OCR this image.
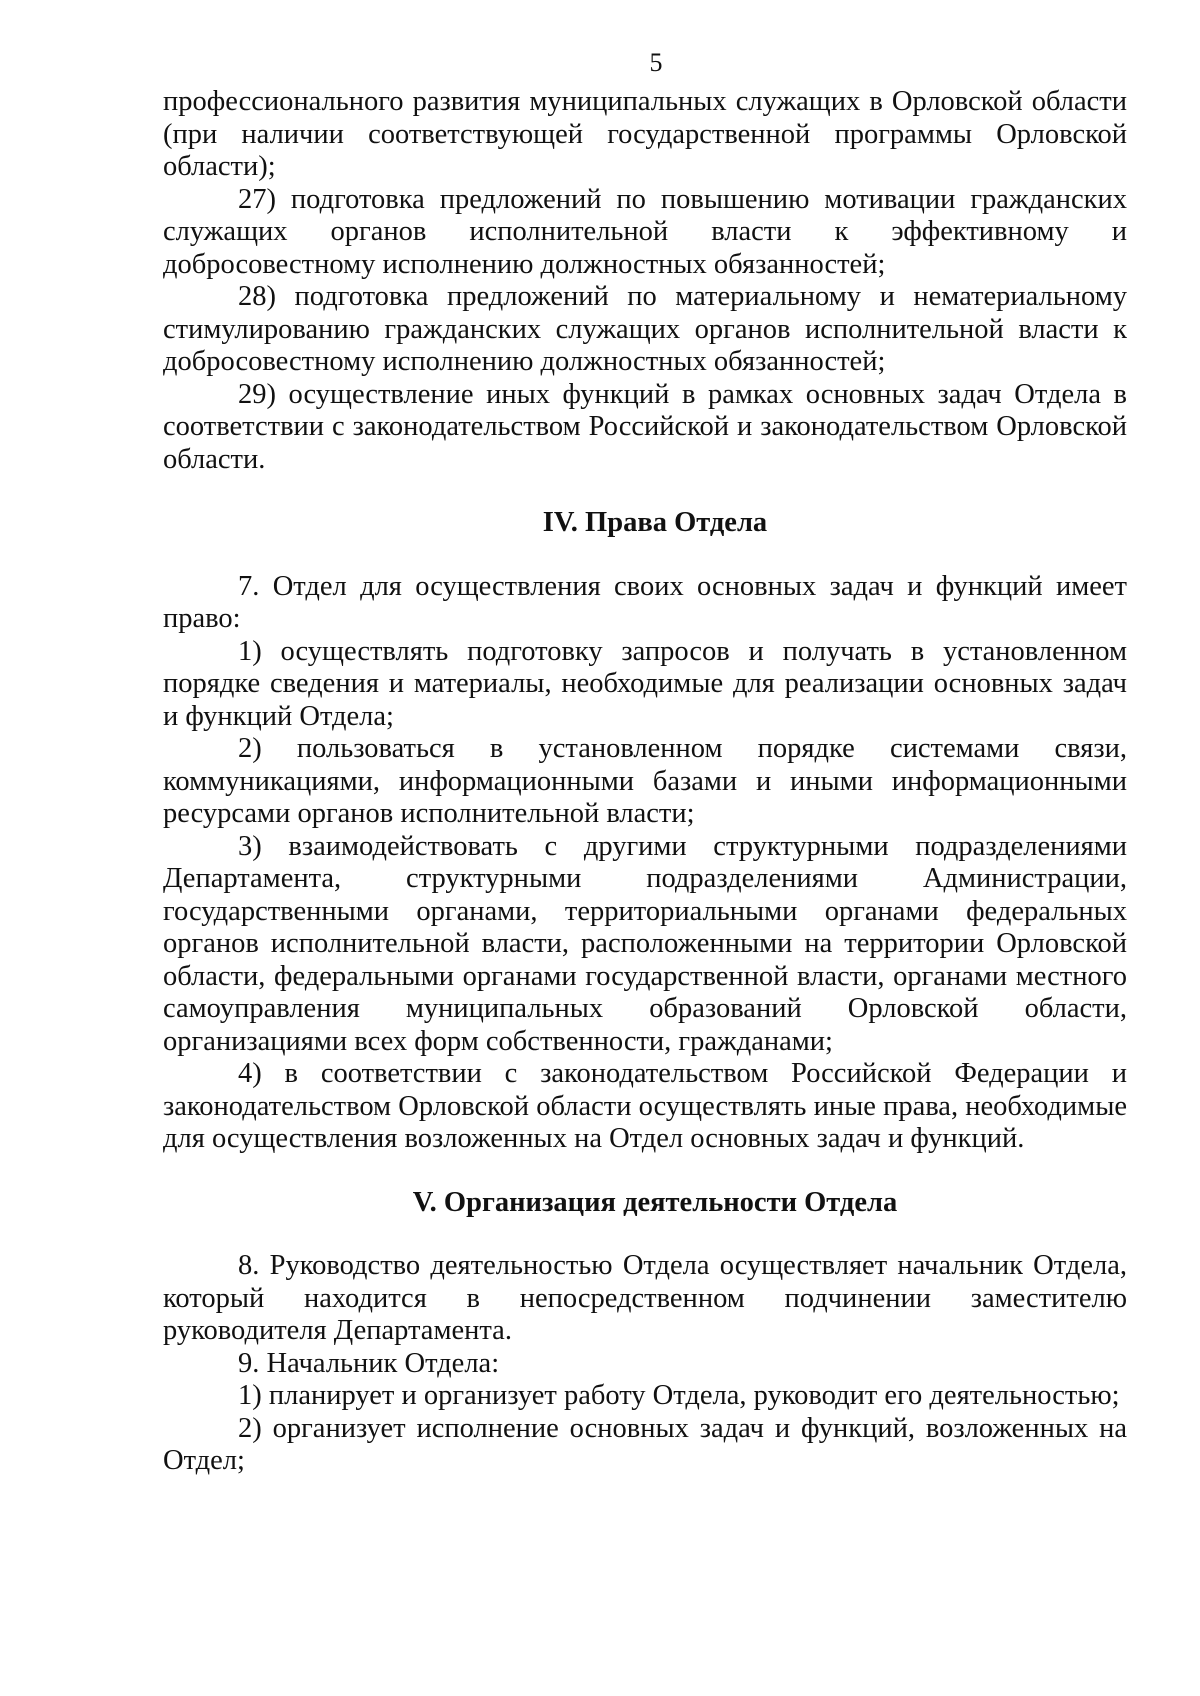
5

профессионального развития муниципальных служащих в Орловской области (при наличии соответствующей государственной программы Орловской области);

27) подготовка предложений по повышению мотивации гражданских служащих органов исполнительной власти к эффективному и добросовестному исполнению должностных обязанностей;

28) подготовка предложений по материальному и нематериальному стимулированию гражданских служащих органов исполнительной власти к добросовестному исполнению должностных обязанностей;

29) осуществление иных функций в рамках основных задач Отдела в соответствии с законодательством Российской и законодательством Орловской области.

IV. Права Отдела

7. Отдел для осуществления своих основных задач и функций имеет право:

1) осуществлять подготовку запросов и получать в установленном порядке сведения и материалы, необходимые для реализации основных задач и функций Отдела;

2) пользоваться в установленном порядке системами связи, коммуникациями, информационными базами и иными информационными ресурсами органов исполнительной власти;

3) взаимодействовать с другими структурными подразделениями Департамента, структурными подразделениями Администрации, государственными органами, территориальными органами федеральных органов исполнительной власти, расположенными на территории Орловской области, федеральными органами государственной власти, органами местного самоуправления муниципальных образований Орловской области, организациями всех форм собственности, гражданами;

4) в соответствии с законодательством Российской Федерации и законодательством Орловской области осуществлять иные права, необходимые для осуществления возложенных на Отдел основных задач и функций.

V. Организация деятельности Отдела

8. Руководство деятельностью Отдела осуществляет начальник Отдела, который находится в непосредственном подчинении заместителю руководителя Департамента.

9. Начальник Отдела:

1) планирует и организует работу Отдела, руководит его деятельностью;

2) организует исполнение основных задач и функций, возложенных на Отдел;
